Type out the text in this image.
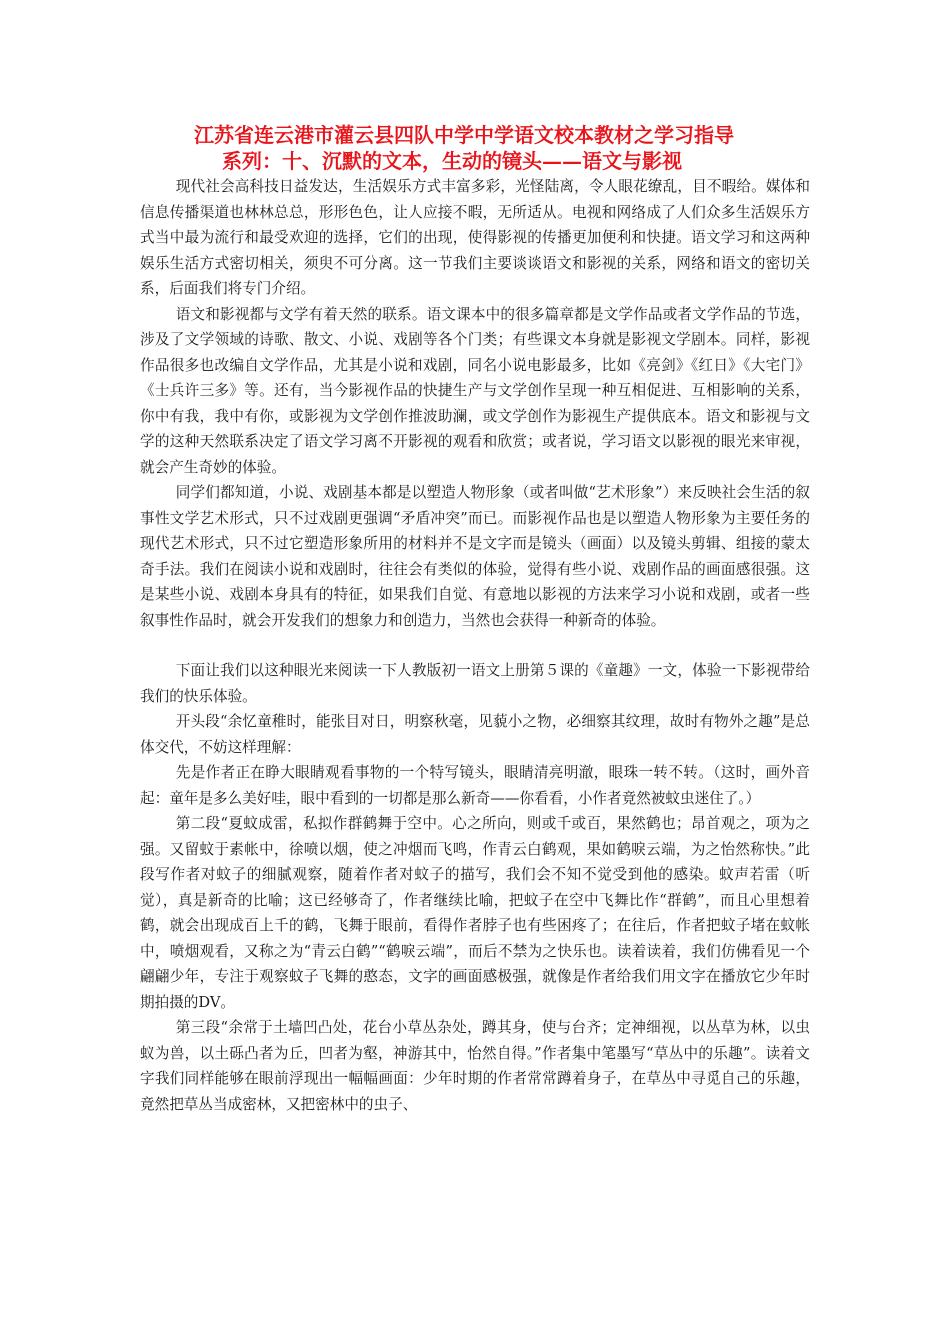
江苏省连云港市灌云县四队中学中学语文校本教材之学习指导
系列：十、沉默的文本，生动的镜头——语文与影视

现代社会高科技日益发达，生活娱乐方式丰富多彩，光怪陆离，令人眼花缭乱，目不暇给。媒体和信息传播渠道也林林总总，形形色色，让人应接不暇，无所适从。电视和网络成了人们众多生活娱乐方式当中最为流行和最受欢迎的选择，它们的出现，使得影视的传播更加便利和快捷。语文学习和这两种娱乐生活方式密切相关，须臾不可分离。这一节我们主要谈谈语文和影视的关系，网络和语文的密切关系，后面我们将专门介绍。

语文和影视都与文学有着天然的联系。语文课本中的很多篇章都是文学作品或者文学作品的节选，涉及了文学领域的诗歌、散文、小说、戏剧等各个门类；有些课文本身就是影视文学剧本。同样，影视作品很多也改编自文学作品，尤其是小说和戏剧，同名小说电影最多，比如《亮剑》《红日》《大宅门》《士兵许三多》等。还有，当今影视作品的快捷生产与文学创作呈现一种互相促进、互相影响的关系，你中有我，我中有你，或影视为文学创作推波助澜，或文学创作为影视生产提供底本。语文和影视与文学的这种天然联系决定了语文学习离不开影视的观看和欣赏；或者说，学习语文以影视的眼光来审视，就会产生奇妙的体验。

同学们都知道，小说、戏剧基本都是以塑造人物形象（或者叫做“艺术形象”）来反映社会生活的叙事性文学艺术形式，只不过戏剧更强调“矛盾冲突”而已。而影视作品也是以塑造人物形象为主要任务的现代艺术形式，只不过它塑造形象所用的材料并不是文字而是镜头（画面）以及镜头剪辑、组接的蒙太奇手法。我们在阅读小说和戏剧时，往往会有类似的体验，觉得有些小说、戏剧作品的画面感很强。这是某些小说、戏剧本身具有的特征，如果我们自觉、有意地以影视的方法来学习小说和戏剧，或者一些叙事性作品时，就会开发我们的想象力和创造力，当然也会获得一种新奇的体验。

下面让我们以这种眼光来阅读一下人教版初一语文上册第５课的《童趣》一文，体验一下影视带给我们的快乐体验。

开头段“余忆童稚时，能张目对日，明察秋毫，见藐小之物，必细察其纹理，故时有物外之趣”是总体交代，不妨这样理解：

先是作者正在睁大眼睛观看事物的一个特写镜头，眼睛清亮明澈，眼珠一转不转。（这时，画外音起：童年是多么美好哇，眼中看到的一切都是那么新奇——你看看，小作者竟然被蚊虫迷住了。）

第二段“夏蚊成雷，私拟作群鹤舞于空中。心之所向，则或千或百，果然鹤也；昂首观之，项为之强。又留蚊于素帐中，徐喷以烟，使之冲烟而飞鸣，作青云白鹤观，果如鹤唳云端，为之怡然称快。”此段写作者对蚊子的细腻观察，随着作者对蚊子的描写，我们会不知不觉受到他的感染。蚊声若雷（听觉），真是新奇的比喻；这已经够奇了，作者继续比喻，把蚊子在空中飞舞比作“群鹤”，而且心里想着鹤，就会出现成百上千的鹤，飞舞于眼前，看得作者脖子也有些困疼了；在往后，作者把蚊子堵在蚊帐中，喷烟观看，又称之为“青云白鹤”“鹤唳云端”，而后不禁为之快乐也。读着读着，我们仿佛看见一个翩翩少年，专注于观察蚊子飞舞的憨态，文字的画面感极强，就像是作者给我们用文字在播放它少年时期拍摄的DV。

第三段“余常于土墙凹凸处，花台小草丛杂处，蹲其身，使与台齐；定神细视，以丛草为林，以虫蚁为兽，以土砾凸者为丘，凹者为壑，神游其中，怡然自得。”作者集中笔墨写“草丛中的乐趣”。读着文字我们同样能够在眼前浮现出一幅幅画面：少年时期的作者常常蹲着身子，在草丛中寻觅自己的乐趣，竟然把草丛当成密林，又把密林中的虫子、
